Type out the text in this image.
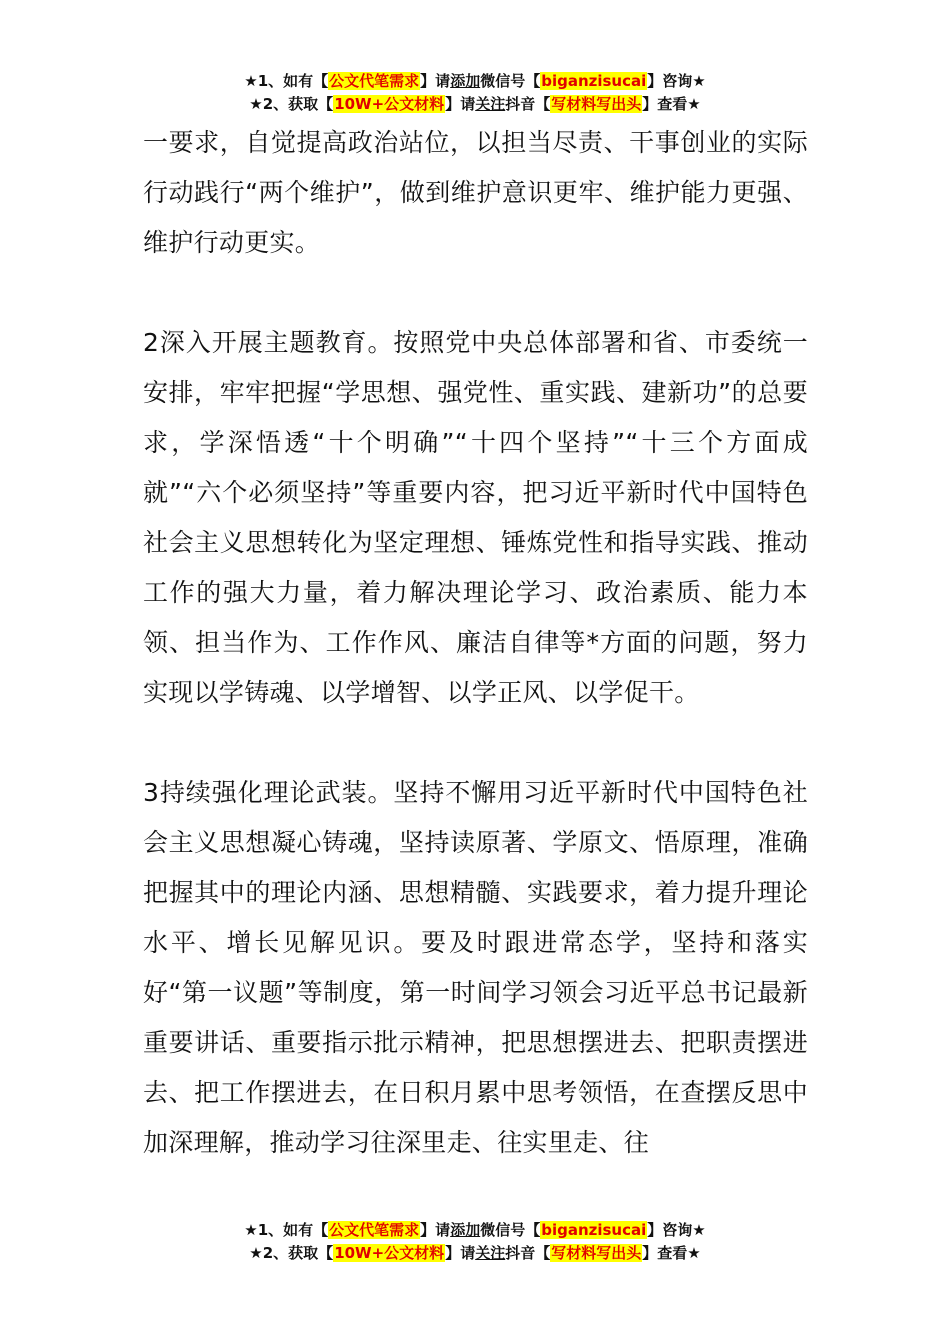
★1、如有【公文代笔需求】请添加微信号【biganzisucai】咨询★
★2、获取【10W+公文材料】请关注抖音【写材料写出头】查看★

一要求，自觉提高政治站位，以担当尽责、干事创业的实际行动践行“两个维护”，做到维护意识更牢、维护能力更强、维护行动更实。

2深入开展主题教育。按照党中央总体部署和省、市委统一安排，牢牢把握“学思想、强党性、重实践、建新功”的总要求，学深悟透“十个明确”“十四个坚持”“十三个方面成就”“六个必须坚持”等重要内容，把习近平新时代中国特色社会主义思想转化为坚定理想、锤炼党性和指导实践、推动工作的强大力量，着力解决理论学习、政治素质、能力本领、担当作为、工作作风、廉洁自律等*方面的问题，努力实现以学铸魂、以学增智、以学正风、以学促干。

3持续强化理论武装。坚持不懈用习近平新时代中国特色社会主义思想凝心铸魂，坚持读原著、学原文、悟原理，准确把握其中的理论内涵、思想精髓、实践要求，着力提升理论水平、增长见解见识。要及时跟进常态学，坚持和落实好“第一议题”等制度，第一时间学习领会习近平总书记最新重要讲话、重要指示批示精神，把思想摆进去、把职责摆进去、把工作摆进去，在日积月累中思考领悟，在查摆反思中加深理解，推动学习往深里走、往实里走、往

★1、如有【公文代笔需求】请添加微信号【biganzisucai】咨询★
★2、获取【10W+公文材料】请关注抖音【写材料写出头】查看★
